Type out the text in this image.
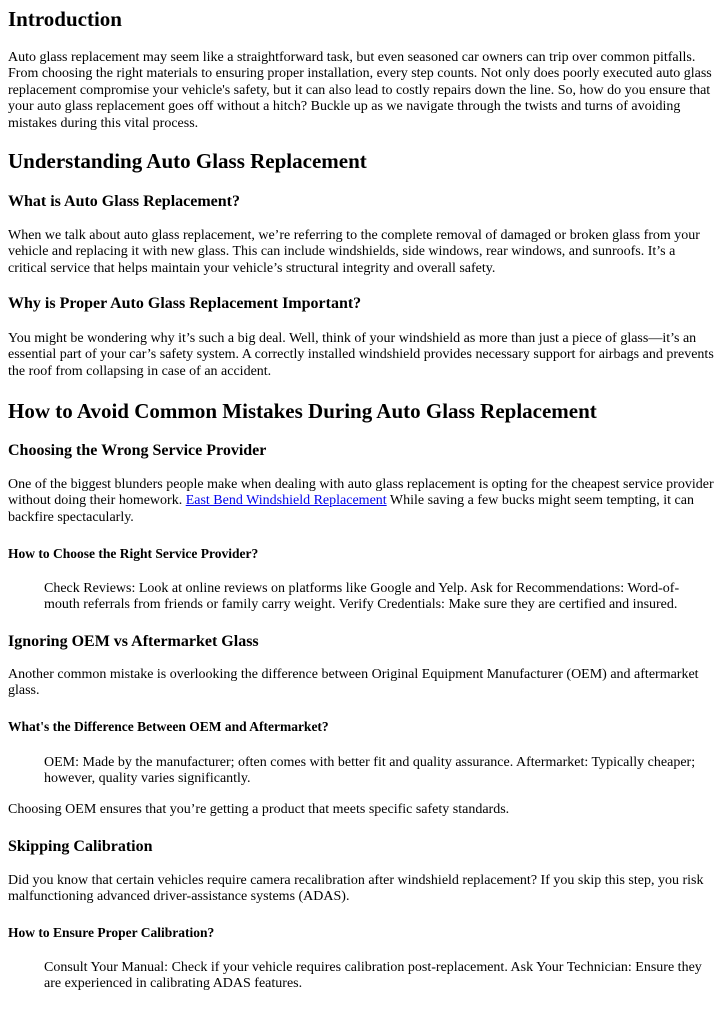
Introduction

Auto glass replacement may seem like a straightforward task, but even seasoned car owners can trip over common pitfalls. From choosing the right materials to ensuring proper installation, every step counts. Not only does poorly executed auto glass replacement compromise your vehicle's safety, but it can also lead to costly repairs down the line. So, how do you ensure that your auto glass replacement goes off without a hitch? Buckle up as we navigate through the twists and turns of avoiding mistakes during this vital process.

Understanding Auto Glass Replacement
What is Auto Glass Replacement?

When we talk about auto glass replacement, we’re referring to the complete removal of damaged or broken glass from your vehicle and replacing it with new glass. This can include windshields, side windows, rear windows, and sunroofs. It’s a critical service that helps maintain your vehicle’s structural integrity and overall safety.

Why is Proper Auto Glass Replacement Important?

You might be wondering why it’s such a big deal. Well, think of your windshield as more than just a piece of glass—it’s an essential part of your car’s safety system. A correctly installed windshield provides necessary support for airbags and prevents the roof from collapsing in case of an accident.

How to Avoid Common Mistakes During Auto Glass Replacement
Choosing the Wrong Service Provider

One of the biggest blunders people make when dealing with auto glass replacement is opting for the cheapest service provider without doing their homework. East Bend Windshield Replacement While saving a few bucks might seem tempting, it can backfire spectacularly.

How to Choose the Right Service Provider?

Check Reviews: Look at online reviews on platforms like Google and Yelp. Ask for Recommendations: Word-of-mouth referrals from friends or family carry weight. Verify Credentials: Make sure they are certified and insured.

Ignoring OEM vs Aftermarket Glass

Another common mistake is overlooking the difference between Original Equipment Manufacturer (OEM) and aftermarket glass.

What's the Difference Between OEM and Aftermarket?

OEM: Made by the manufacturer; often comes with better fit and quality assurance. Aftermarket: Typically cheaper; however, quality varies significantly.

Choosing OEM ensures that you’re getting a product that meets specific safety standards.

Skipping Calibration

Did you know that certain vehicles require camera recalibration after windshield replacement? If you skip this step, you risk malfunctioning advanced driver-assistance systems (ADAS).

How to Ensure Proper Calibration?

Consult Your Manual: Check if your vehicle requires calibration post-replacement. Ask Your Technician: Ensure they are experienced in calibrating ADAS features.
